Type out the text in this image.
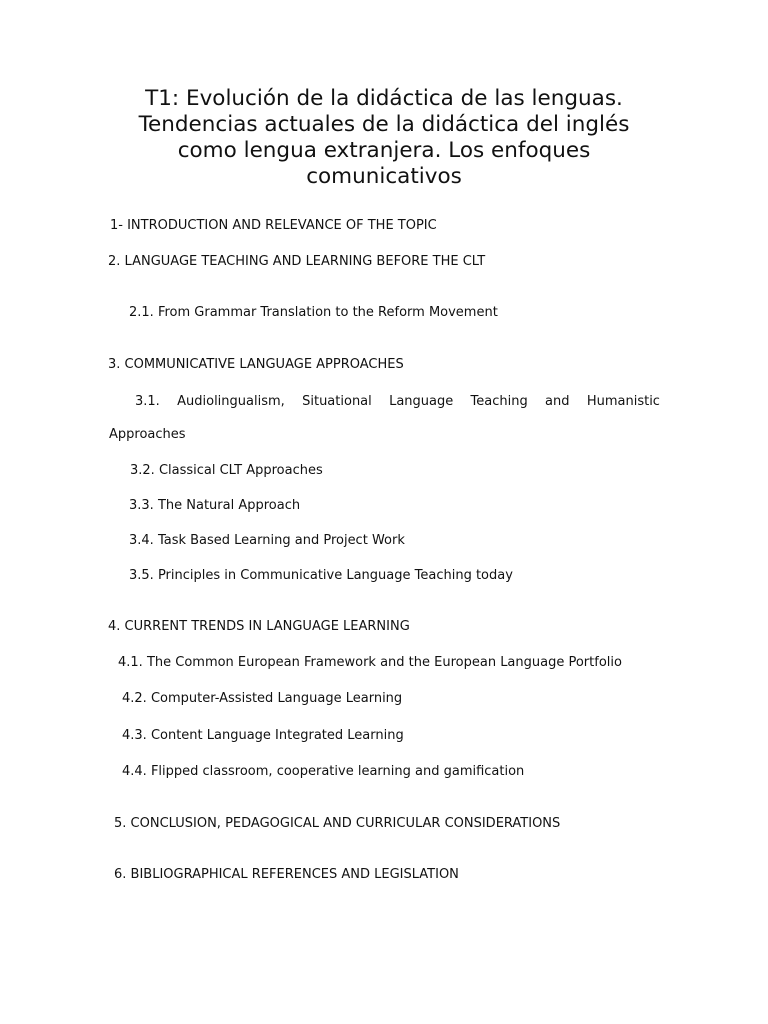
T1: Evolución de la didáctica de las lenguas. Tendencias actuales de la didáctica del inglés como lengua extranjera. Los enfoques comunicativos
1- INTRODUCTION AND RELEVANCE OF THE TOPIC
2. LANGUAGE TEACHING AND LEARNING BEFORE THE CLT
2.1. From Grammar Translation to the Reform Movement
3. COMMUNICATIVE LANGUAGE APPROACHES
3.1. Audiolingualism, Situational Language Teaching and Humanistic
Approaches
3.2. Classical CLT Approaches
3.3. The Natural Approach
3.4. Task Based Learning and Project Work
3.5. Principles in Communicative Language Teaching today
4. CURRENT TRENDS IN LANGUAGE LEARNING
4.1. The Common European Framework and the European Language Portfolio
4.2. Computer-Assisted Language Learning
4.3. Content Language Integrated Learning
4.4. Flipped classroom, cooperative learning and gamification
5. CONCLUSION, PEDAGOGICAL AND CURRICULAR CONSIDERATIONS
6. BIBLIOGRAPHICAL REFERENCES AND LEGISLATION
